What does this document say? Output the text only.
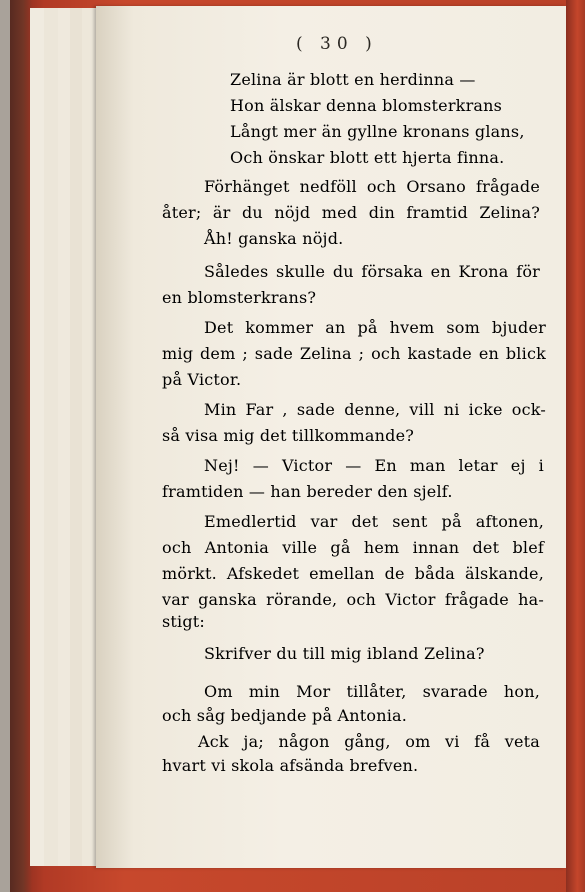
( 30 )
Zelina är blott en herdinna —
Hon älskar denna blomsterkrans
Långt mer än gyllne kronans glans,
Och önskar blott ett hjerta finna.
Förhänget nedföll och Orsano frågade
åter; är du nöjd med din framtid Zelina?
Åh! ganska nöjd.
Således skulle du försaka en Krona för
en blomsterkrans?
Det kommer an på hvem som bjuder
mig dem ; sade Zelina ; och kastade en blick
på Victor.
Min Far , sade denne, vill ni icke ock-
så visa mig det tillkommande?
Nej! — Victor — En man letar ej i
framtiden — han bereder den sjelf.
Emedlertid var det sent på aftonen,
och Antonia ville gå hem innan det blef
mörkt. Afskedet emellan de båda älskande,
var ganska rörande, och Victor frågade ha-
stigt:
Skrifver du till mig ibland Zelina?
Om min Mor tillåter, svarade hon,
och såg bedjande på Antonia.
Ack ja; någon gång, om vi få veta
hvart vi skola afsända brefven.
